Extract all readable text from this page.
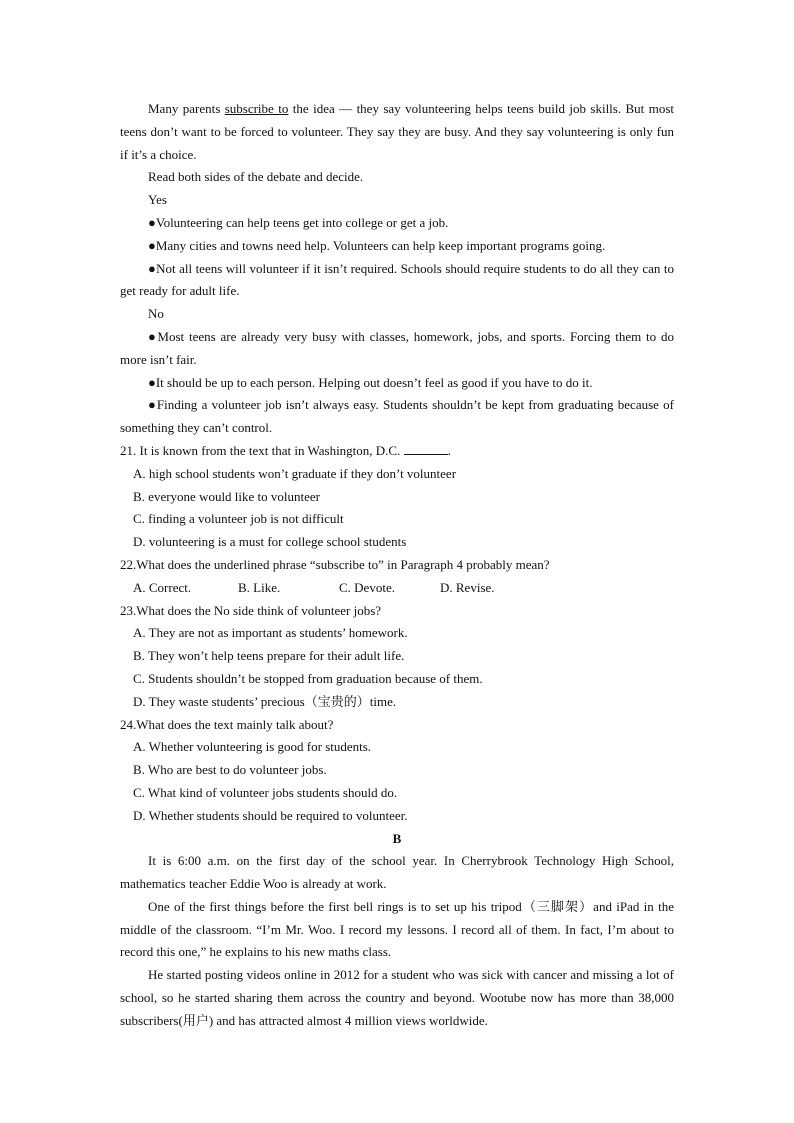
Many parents subscribe to the idea — they say volunteering helps teens build job skills. But most teens don’t want to be forced to volunteer. They say they are busy. And they say volunteering is only fun if it’s a choice.

Read both sides of the debate and decide.

Yes

●Volunteering can help teens get into college or get a job.

●Many cities and towns need help. Volunteers can help keep important programs going.

●Not all teens will volunteer if it isn’t required. Schools should require students to do all they can to get ready for adult life.

No

●Most teens are already very busy with classes, homework, jobs, and sports. Forcing them to do more isn’t fair.

●It should be up to each person. Helping out doesn’t feel as good if you have to do it.

●Finding a volunteer job isn’t always easy. Students shouldn’t be kept from graduating because of something they can’t control.

21. It is known from the text that in Washington, D.C.	.

A. high school students won’t graduate if they don’t volunteer

B. everyone would like to volunteer

C. finding a volunteer job is not difficult

D. volunteering is a must for college school students

22.What does the underlined phrase “subscribe to” in Paragraph 4 probably mean?

A. Correct.	B. Like.	C. Devote.	D. Revise.

23.What does the No side think of volunteer jobs?

A. They are not as important as students’ homework.

B. They won’t help teens prepare for their adult life.

C. Students shouldn’t be stopped from graduation because of them.

D. They waste students’ precious（宝贵的）time.

24.What does the text mainly talk about?

A. Whether volunteering is good for students.

B. Who are best to do volunteer jobs.

C. What kind of volunteer jobs students should do.

D. Whether students should be required to volunteer.

B

It is 6:00 a.m. on the first day of the school year. In Cherrybrook Technology High School, mathematics teacher Eddie Woo is already at work.

One of the first things before the first bell rings is to set up his tripod（三脚架）and iPad in the middle of the classroom. “I’m Mr. Woo. I record my lessons. I record all of them. In fact, I’m about to record this one,” he explains to his new maths class.

He started posting videos online in 2012 for a student who was sick with cancer and missing a lot of school, so he started sharing them across the country and beyond. Wootube now has more than 38,000 subscribers(用户) and has attracted almost 4 million views worldwide.
